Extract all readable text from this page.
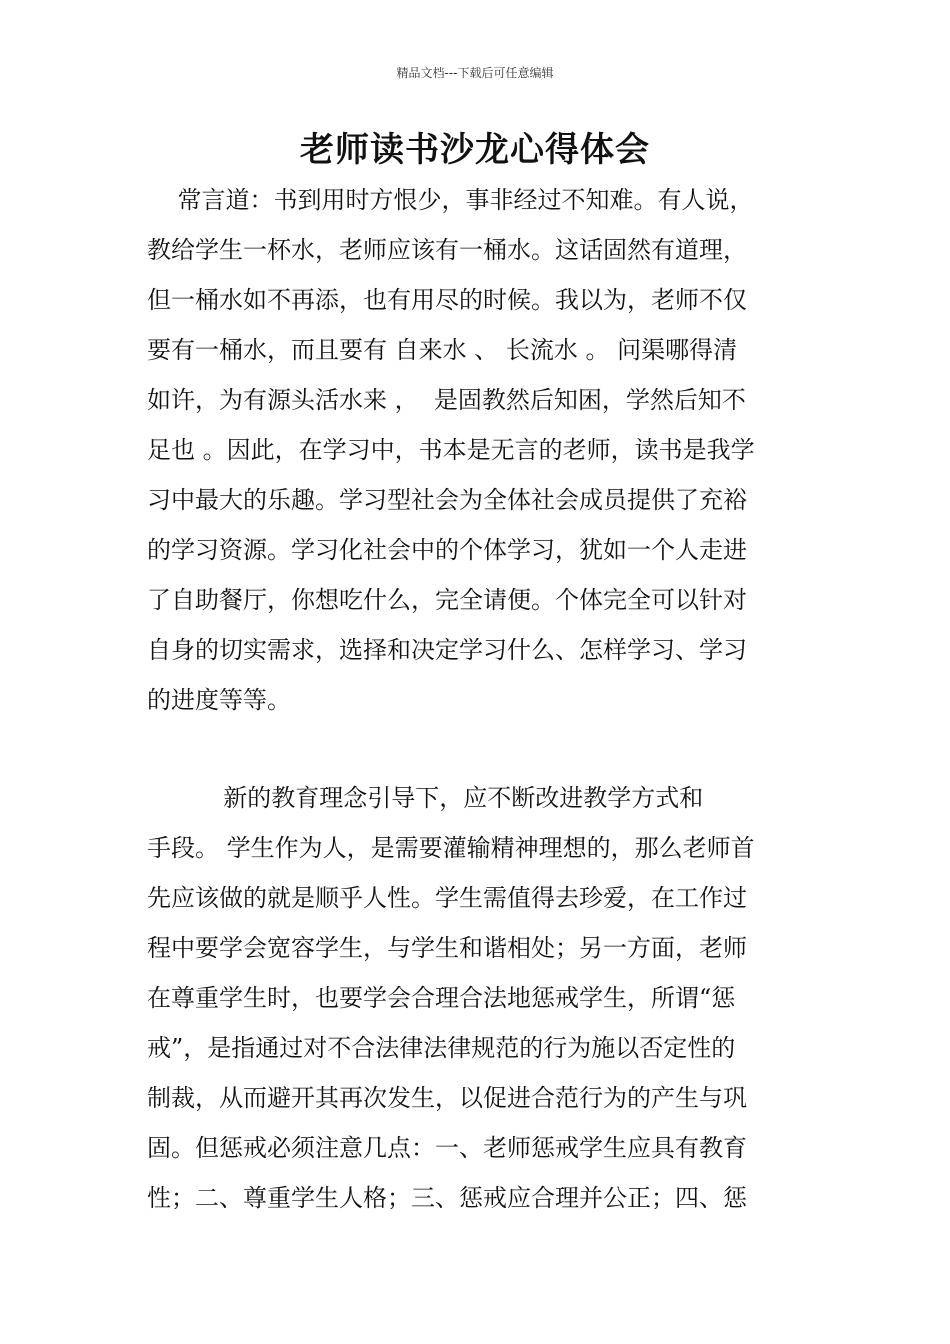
精品文档---下载后可任意编辑
老师读书沙龙心得体会
常言道：书到用时方恨少，事非经过不知难。有人说，
教给学生一杯水，老师应该有一桶水。这话固然有道理，
但一桶水如不再添，也有用尽的时候。我以为，老师不仅
要有一桶水，而且要有 自来水 、 长流水 。 问渠哪得清
如许，为有源头活水来 ，  是固教然后知困，学然后知不
足也 。因此，在学习中，书本是无言的老师，读书是我学
习中最大的乐趣。学习型社会为全体社会成员提供了充裕
的学习资源。学习化社会中的个体学习，犹如一个人走进
了自助餐厅，你想吃什么，完全请便。个体完全可以针对
自身的切实需求，选择和决定学习什么、怎样学习、学习
的进度等等。
新的教育理念引导下，应不断改进教学方式和
手段。 学生作为人，是需要灌输精神理想的，那么老师首
先应该做的就是顺乎人性。学生需值得去珍爱，在工作过
程中要学会宽容学生，与学生和谐相处；另一方面，老师
在尊重学生时，也要学会合理合法地惩戒学生，所谓“惩
戒”，是指通过对不合法律法律规范的行为施以否定性的
制裁，从而避开其再次发生，以促进合范行为的产生与巩
固。但惩戒必须注意几点：一、老师惩戒学生应具有教育
性；二、尊重学生人格；三、惩戒应合理并公正；四、惩
